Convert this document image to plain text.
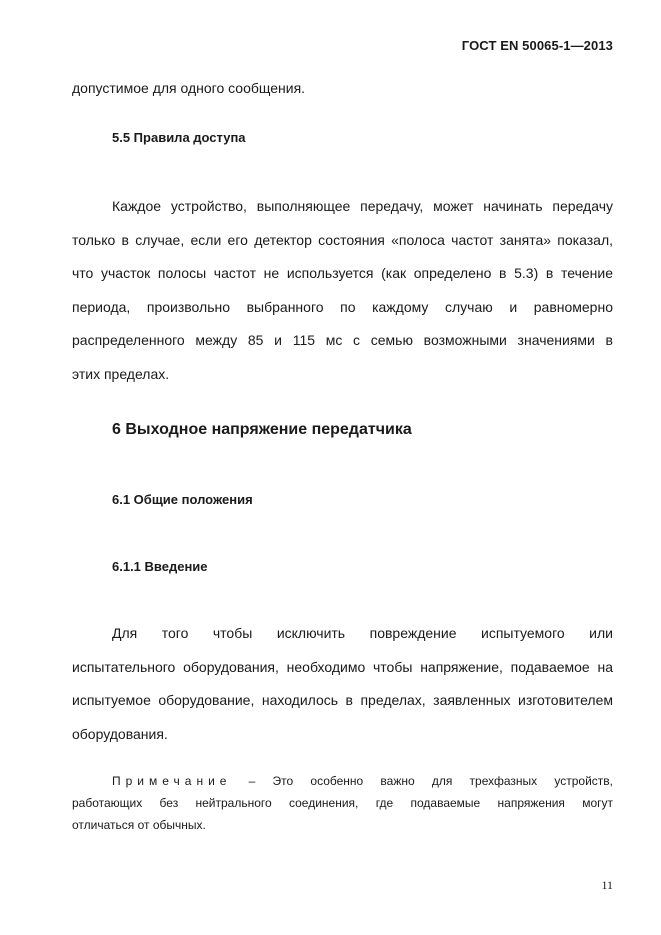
ГОСТ EN 50065-1—2013
допустимое для одного сообщения.
5.5 Правила доступа

Каждое устройство, выполняющее передачу, может начинать передачу

только в случае, если его детектор состояния «полоса частот занята» показал,

что участок полосы частот не используется (как определено в 5.3) в течение

периода, произвольно выбранного по каждому случаю и равномерно

распределенного между 85 и 115 мс с семью возможными значениями в

этих пределах.

6 Выходное напряжение передатчика
6.1 Общие положения
6.1.1 Введение

Для того чтобы исключить повреждение испытуемого или

испытательного оборудования, необходимо чтобы напряжение, подаваемое на

испытуемое оборудование, находилось в пределах, заявленных изготовителем

оборудования.

Примечание – Это особенно важно для трехфазных устройств,

работающих без нейтрального соединения, где подаваемые напряжения могут

отличаться от обычных.

11
